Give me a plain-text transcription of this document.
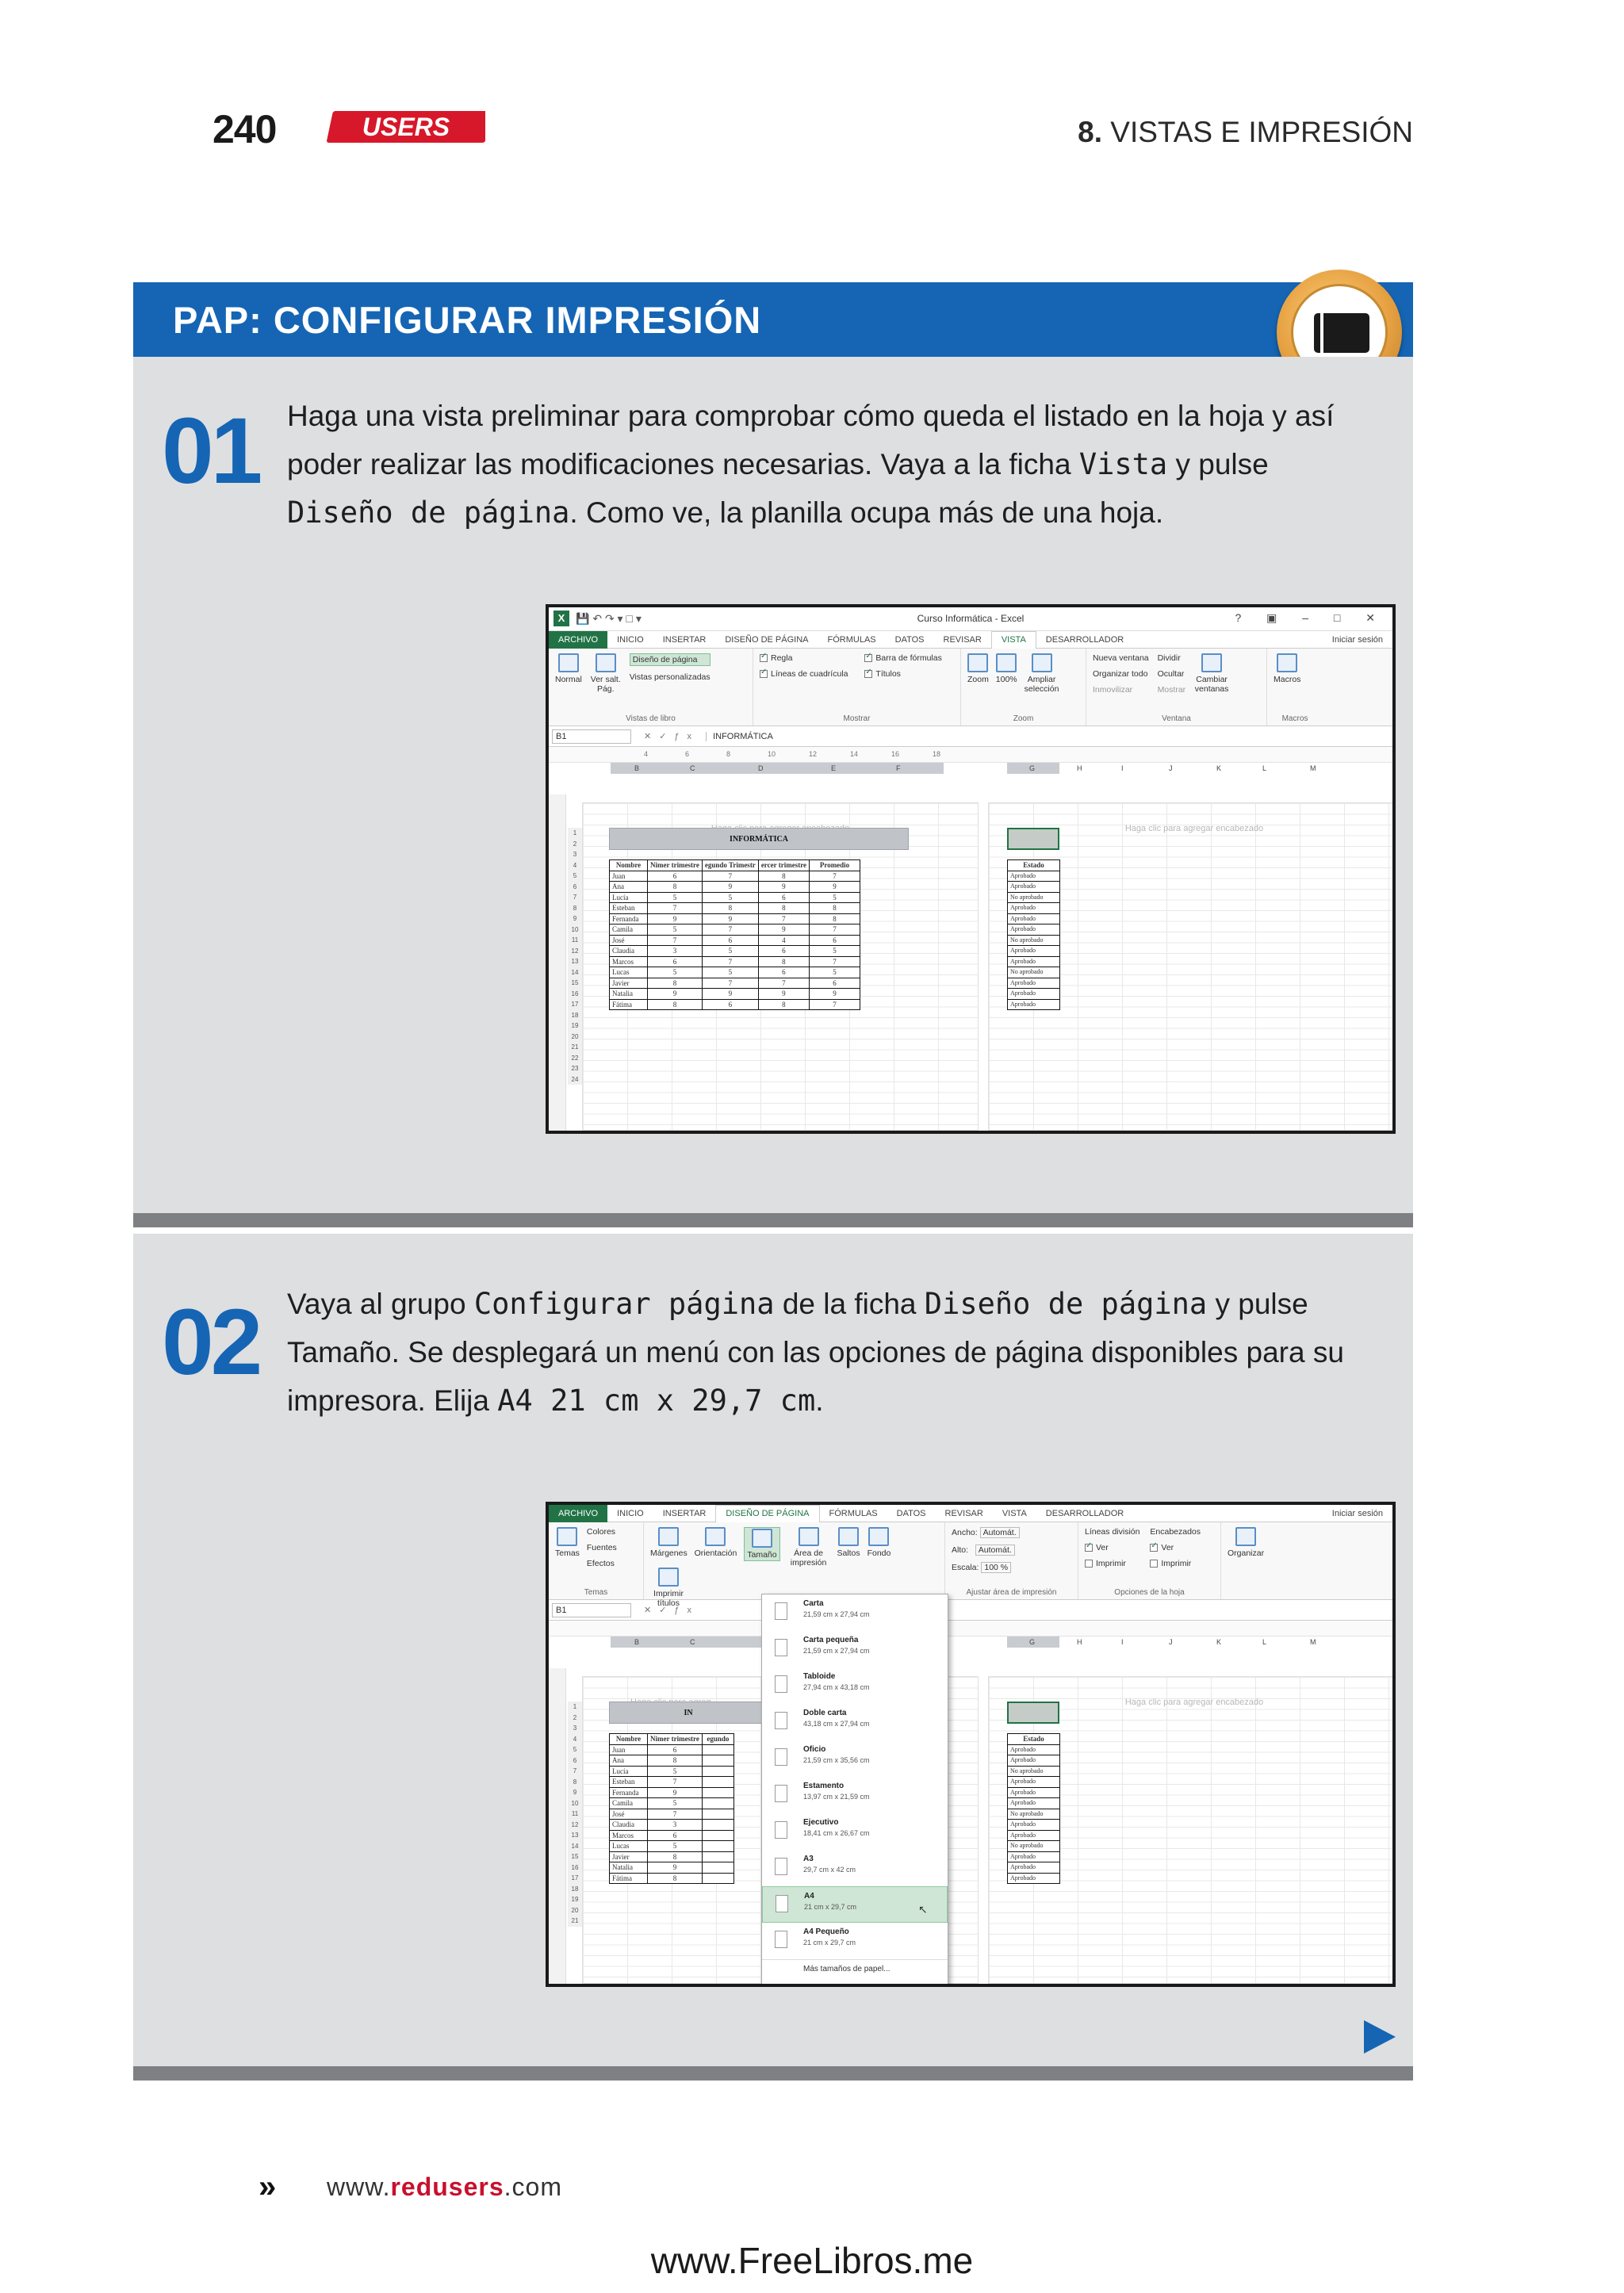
240	USERS	8. VISTAS E IMPRESIÓN
PAP: CONFIGURAR IMPRESIÓN
01 Haga una vista preliminar para comprobar cómo queda el listado en la hoja y así poder realizar las modificaciones necesarias. Vaya a la ficha Vista y pulse Diseño de página. Como ve, la planilla ocupa más de una hoja.
X 💾 ↶ ↷ ▾ □ ▾	Curso Informática - Excel	? ▣ – □ ✕
ARCHIVO	INICIO	INSERTAR	DISEÑO DE PÁGINA	FÓRMULAS	DATOS	REVISAR	VISTA	DESARROLLADOR	Iniciar sesión
Normal Ver salt. Pág.
Diseño de página
Vistas personalizadas
Vistas de libro
✓
Regla
✓
Líneas de cuadrícula

✓
Barra de fórmulas
✓
Títulos
Mostrar
Zoom 100% Ampliar selección
Zoom
Nueva ventana
Organizar todo
Inmovilizar

Dividir
Ocultar
Mostrar

Cambiar ventanas
Ventana
Macros
Macros
B1	✕✓ƒx	INFORMÁTICA
4	6	8	10	12	14	16	18
B	C	D	E	F	G	H	I	J	K	L	M
Haga clic para agregar encabezado
1
2
3
4
5
6
7
8
9
10
11
12
13
14
15
16
17
18
19
20
21
22
23
24
INFORMÁTICA
Nombre	Nimer trimestre	egundo Trimestr	ercer trimestre	Promedio
Juan	6	7	8	7
Ana	8	9	9	9
Lucía	5	5	6	5
Esteban	7	8	8	8
Fernanda	9	9	7	8
Camila	5	7	9	7
José	7	6	4	6
Claudia	3	5	6	5
Marcos	6	7	8	7
Lucas	5	5	6	5
Javier	8	7	7	6
Natalia	9	9	9	9
Fátima	8	6	8	7
Estado
Aprobado
Aprobado
No aprobado
Aprobado
Aprobado
Aprobado
No aprobado
Aprobado
Aprobado
No aprobado
Aprobado
Aprobado
Aprobado
02 Vaya al grupo Configurar página de la ficha Diseño de página y pulse Tamaño. Se desplegará un menú con las opciones de página disponibles para su impresora. Elija A4 21 cm x 29,7 cm.
ARCHIVO	INICIO	INSERTAR	DISEÑO DE PÁGINA	FÓRMULAS	DATOS	REVISAR	VISTA	DESARROLLADOR	Iniciar sesión
Temas
Colores
Fuentes
Efectos
Temas
Márgenes Orientación Tamaño Área de impresión
Saltos Fondo
Imprimir títulos
Ancho:
Automát.
Alto:
	Automát.
Escala:
100 %
Ajustar área de impresión
Líneas división
✓
Ver
Imprimir

Encabezados
✓
Ver
Imprimir
Opciones de la hoja
Organizar
B1	✕✓ƒx
B	C	G	H	I	J	K	L	M
Haga clic para agregar encabezado
1
2
3
4
5
6
7
8
9
10
11
12
13
14
15
16
17
18
19
20
21
IN
Nombre	Nimer trimestre	egundo
Juan	6	
Ana	8	
Lucía	5	
Esteban	7	
Fernanda	9	
Camila	5	
José	7	
Claudia	3	
Marcos	6	
Lucas	5	
Javier	8	
Natalia	9	
Fátima	8	
Estado
Aprobado
Aprobado
No aprobado
Aprobado
Aprobado
Aprobado
No aprobado
Aprobado
Aprobado
No aprobado
Aprobado
Aprobado
Aprobado
Carta
21,59 cm x 27,94 cm
Carta pequeña
21,59 cm x 27,94 cm
Tabloide
27,94 cm x 43,18 cm
Doble carta
43,18 cm x 27,94 cm
Oficio
21,59 cm x 35,56 cm
Estamento
13,97 cm x 21,59 cm
Ejecutivo
18,41 cm x 26,67 cm
A3
29,7 cm x 42 cm
A4
21 cm x 29,7 cm	↖
A4 Pequeño
21 cm x 29,7 cm
Más tamaños de papel...
» www.redusers.com
www.FreeLibros.me
